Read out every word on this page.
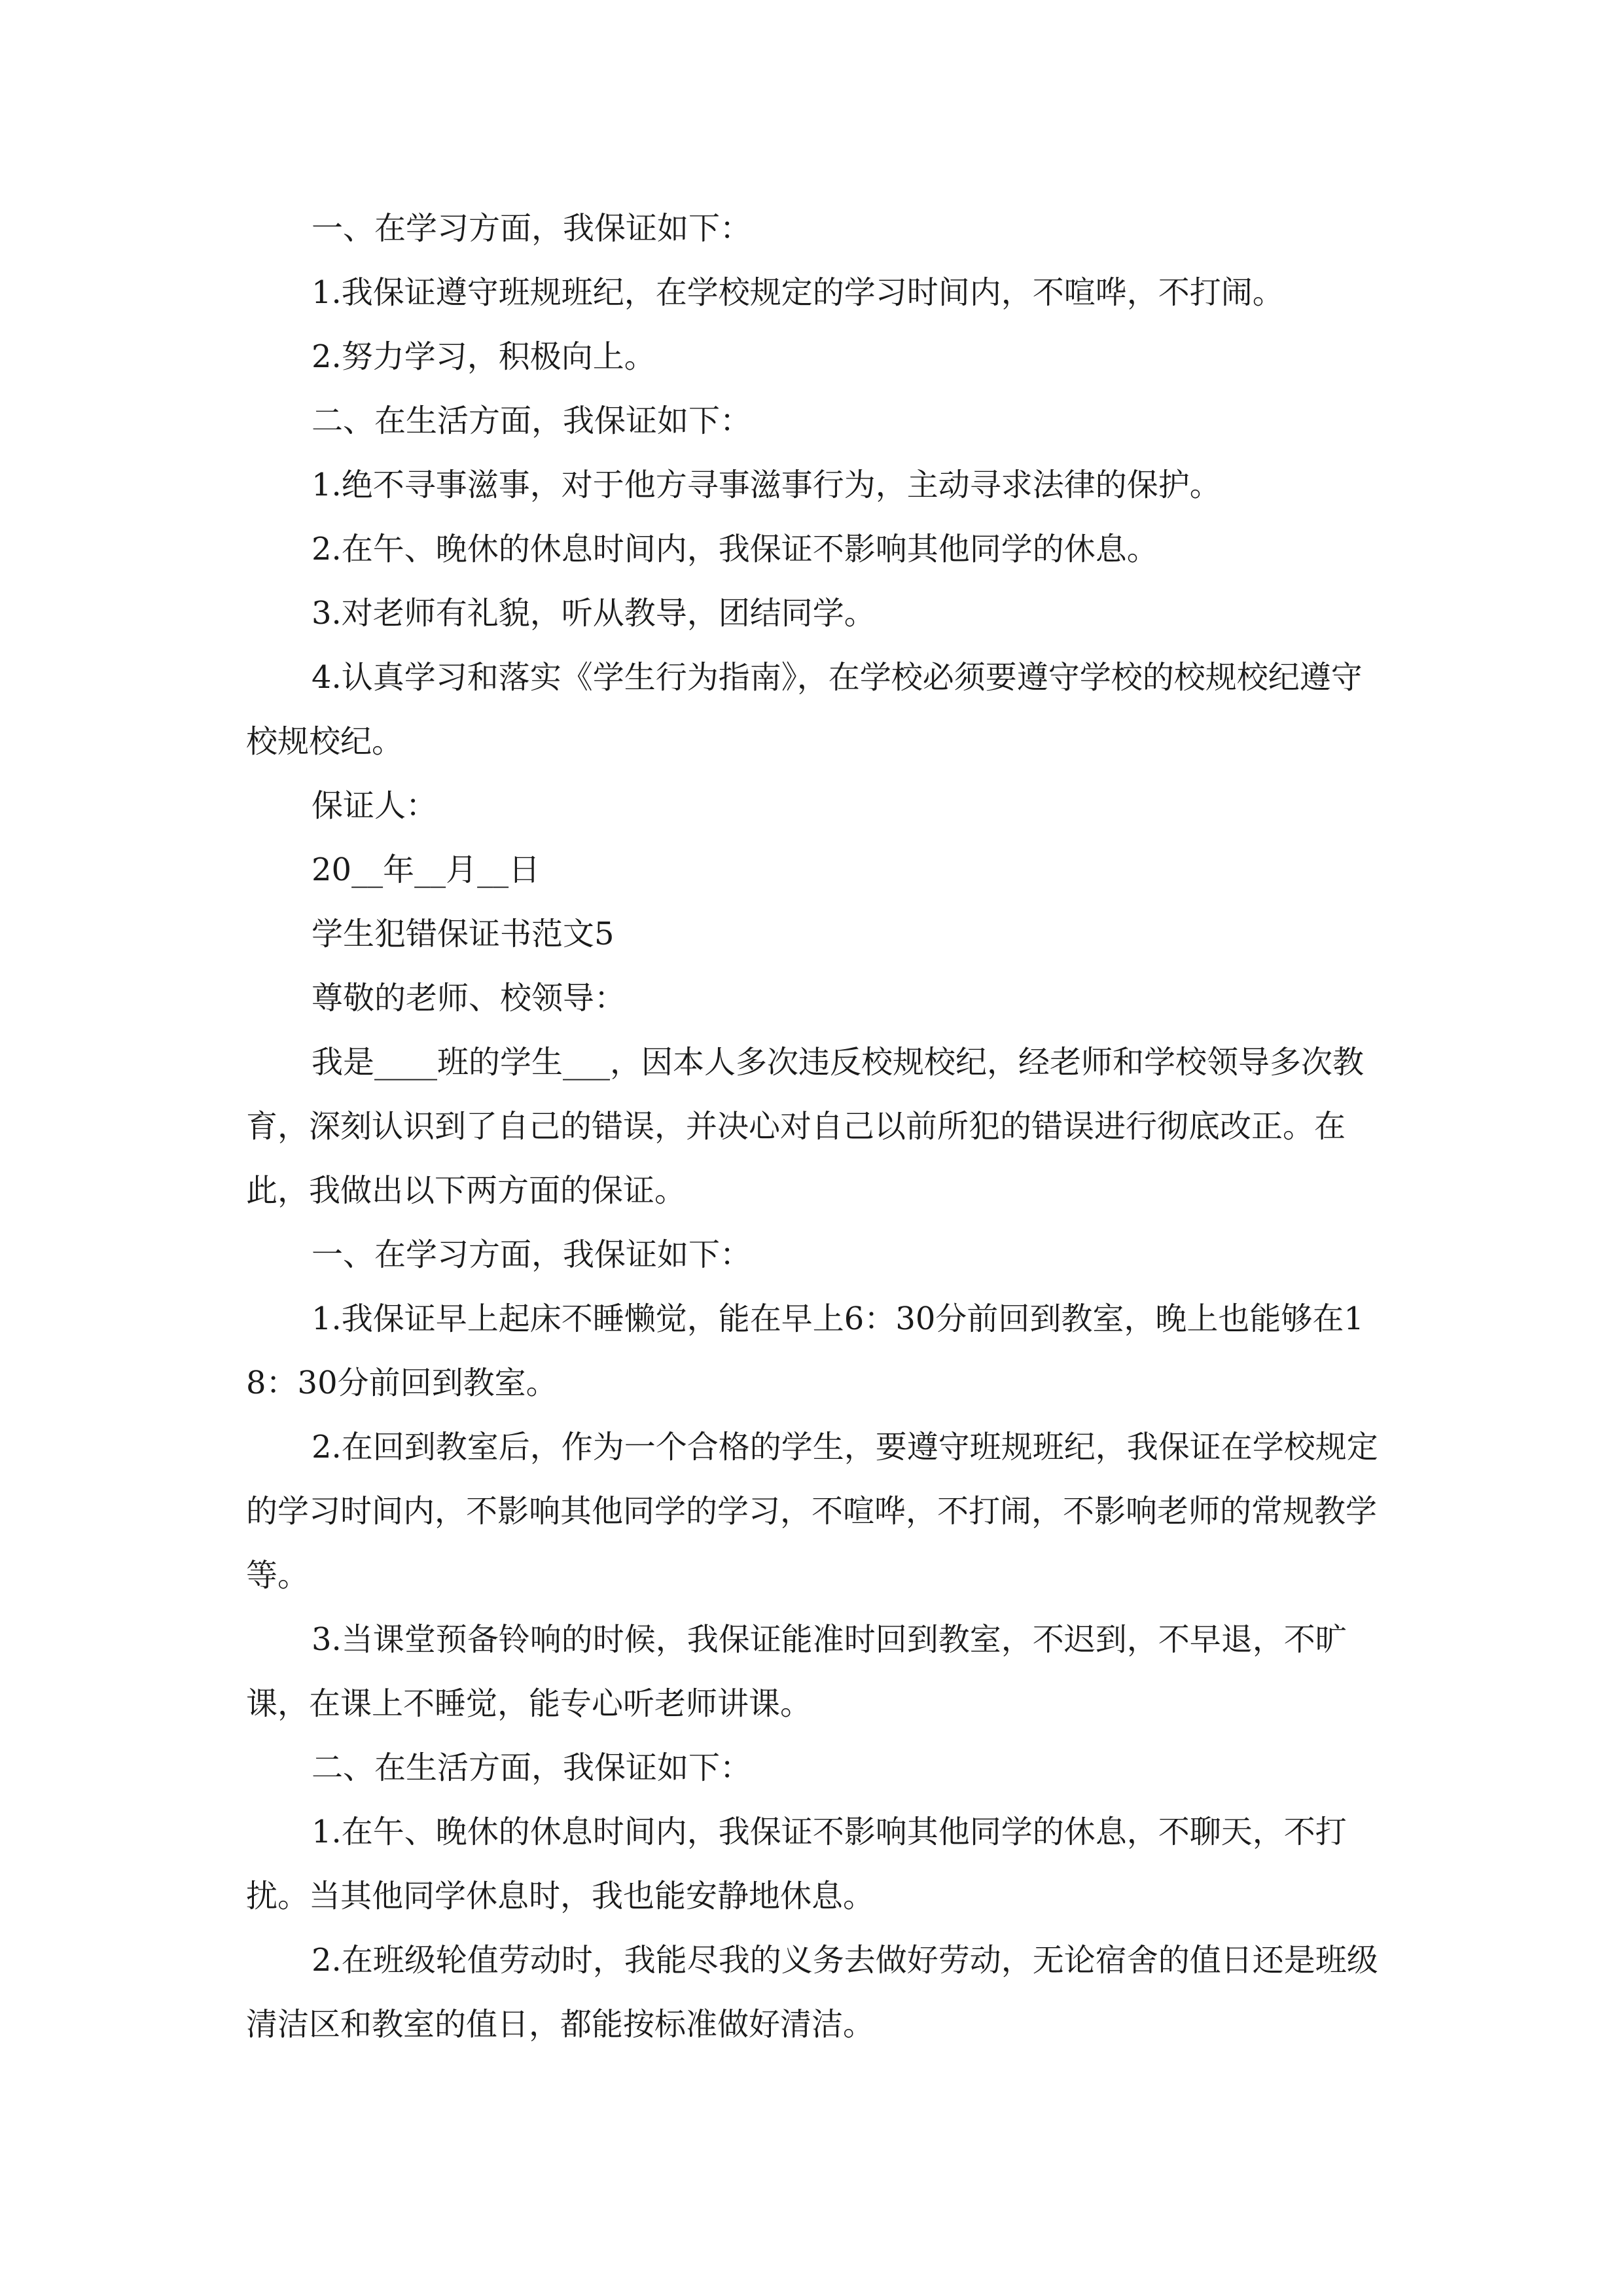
一、在学习方面，我保证如下：

1.我保证遵守班规班纪，在学校规定的学习时间内，不喧哗，不打闹。

2.努力学习，积极向上。

二、在生活方面，我保证如下：

1.绝不寻事滋事，对于他方寻事滋事行为，主动寻求法律的保护。

2.在午、晚休的休息时间内，我保证不影响其他同学的休息。

3.对老师有礼貌，听从教导，团结同学。

4.认真学习和落实《学生行为指南》，在学校必须要遵守学校的校规校纪遵守校规校纪。

保证人：

20__年__月__日

学生犯错保证书范文5

尊敬的老师、校领导：

我是____班的学生___，因本人多次违反校规校纪，经老师和学校领导多次教育，深刻认识到了自己的错误，并决心对自己以前所犯的错误进行彻底改正。在此，我做出以下两方面的保证。

一、在学习方面，我保证如下：

1.我保证早上起床不睡懒觉，能在早上6：30分前回到教室，晚上也能够在18：30分前回到教室。

2.在回到教室后，作为一个合格的学生，要遵守班规班纪，我保证在学校规定的学习时间内，不影响其他同学的学习，不喧哗，不打闹，不影响老师的常规教学等。

3.当课堂预备铃响的时候，我保证能准时回到教室，不迟到，不早退，不旷课，在课上不睡觉，能专心听老师讲课。

二、在生活方面，我保证如下：

1.在午、晚休的休息时间内，我保证不影响其他同学的休息，不聊天，不打扰。当其他同学休息时，我也能安静地休息。

2.在班级轮值劳动时，我能尽我的义务去做好劳动，无论宿舍的值日还是班级清洁区和教室的值日，都能按标准做好清洁。
